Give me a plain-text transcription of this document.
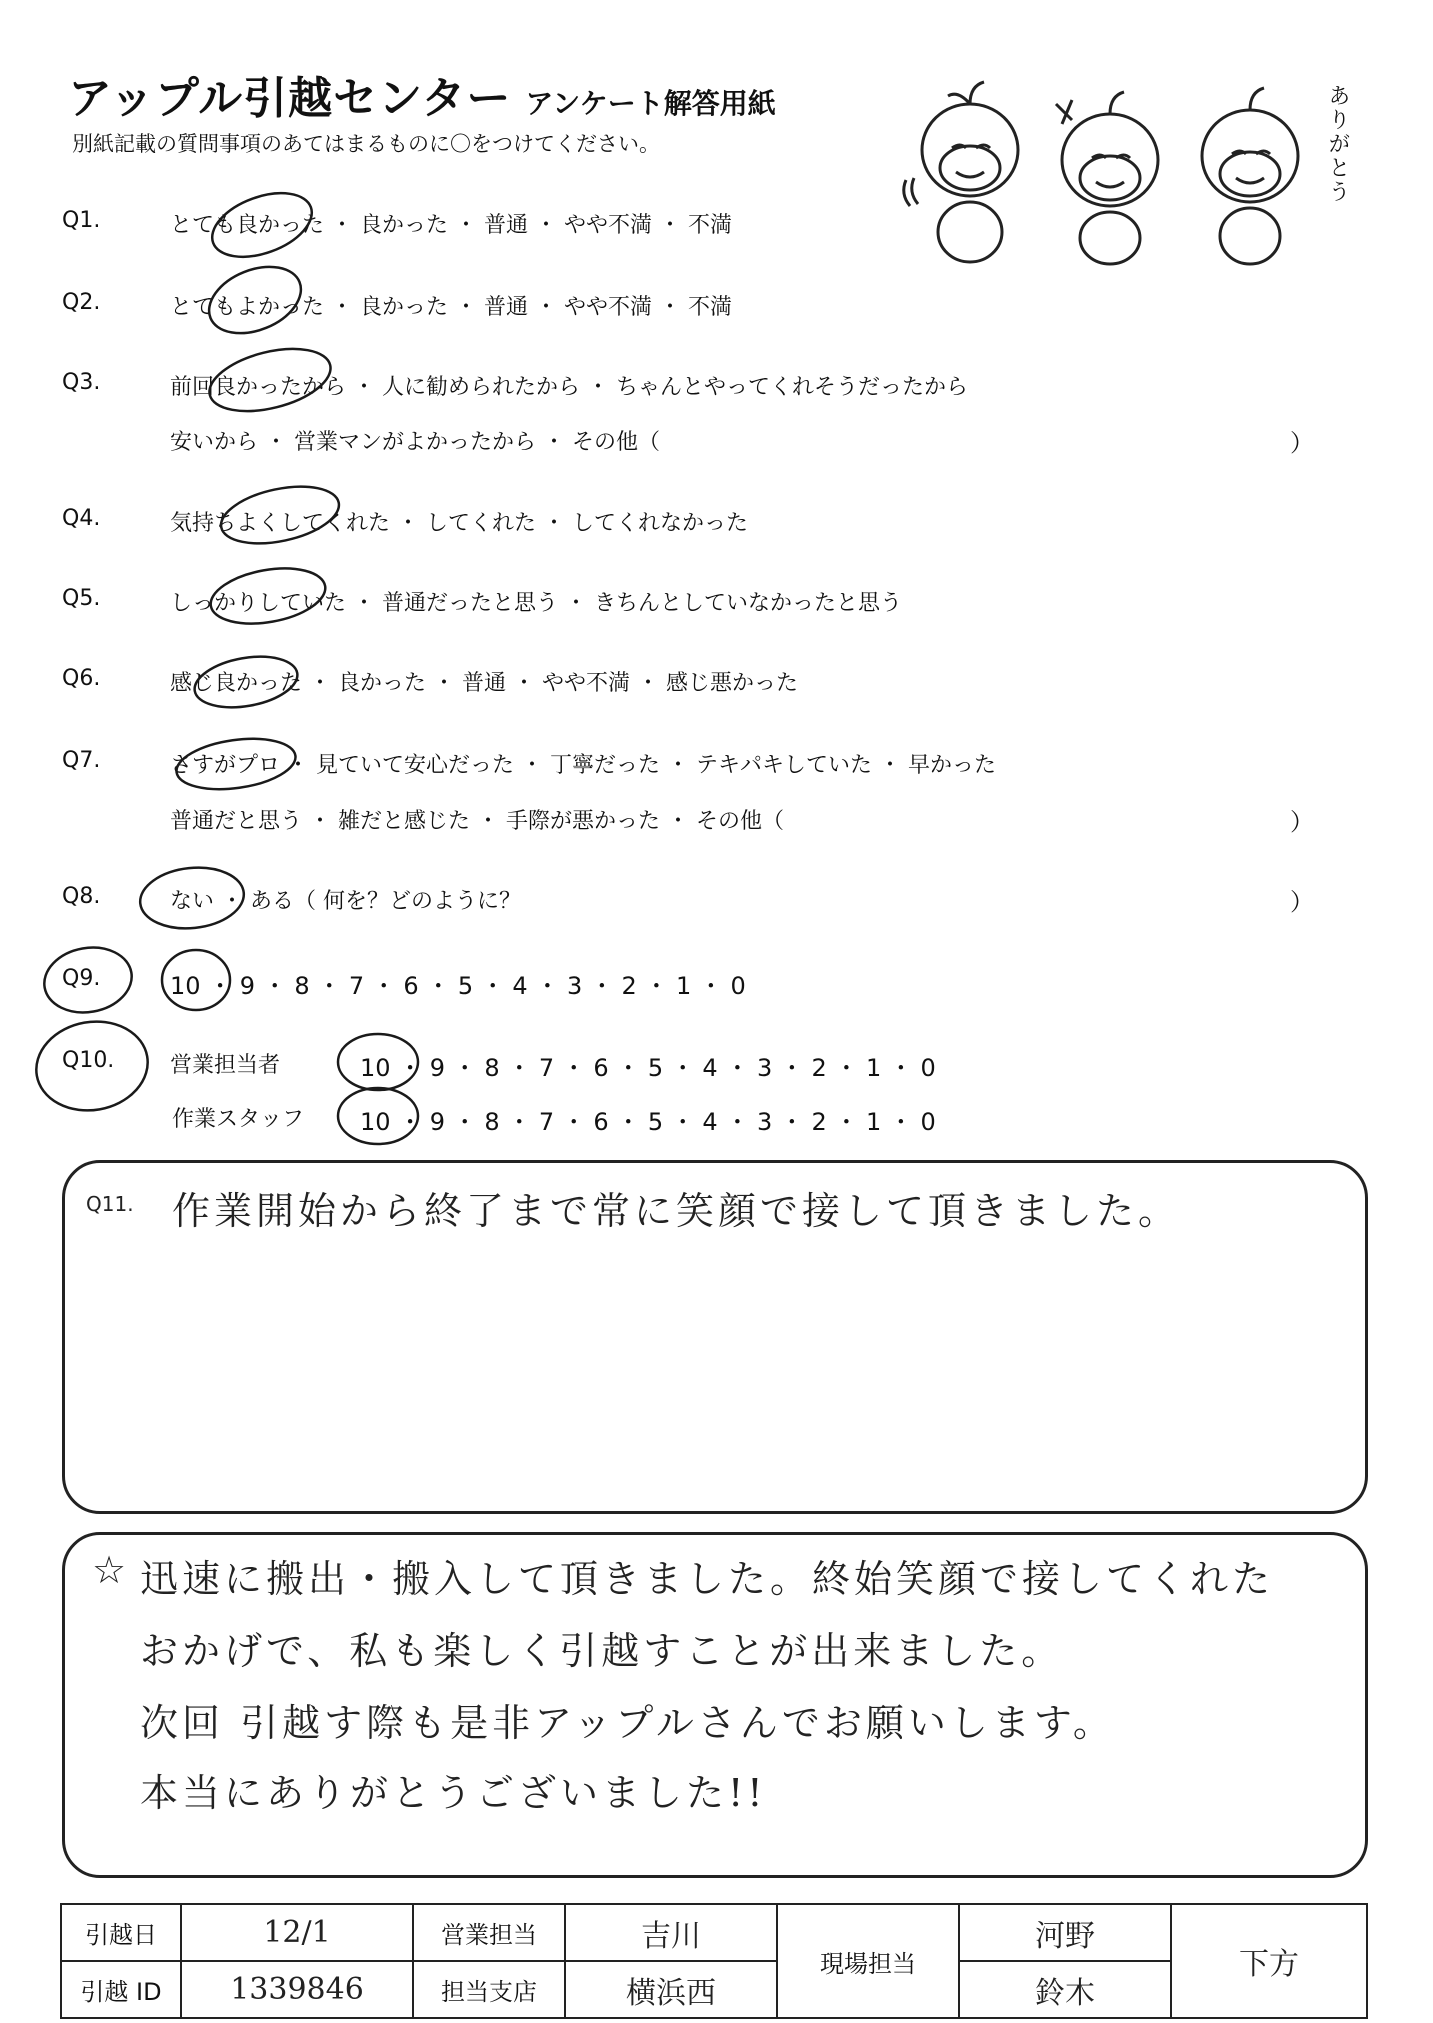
アップル引越センター アンケート解答用紙
別紙記載の質問事項のあてはまるものに〇をつけてください。	ありがとう
Q1.	とても良かった ・ 良かった ・ 普通 ・ やや不満 ・ 不満
Q2.	とてもよかった ・ 良かった ・ 普通 ・ やや不満 ・ 不満
Q3.	前回良かったから ・ 人に勧められたから ・ ちゃんとやってくれそうだったから
安いから ・ 営業マンがよかったから ・ その他（	）
Q4.	気持ちよくしてくれた ・ してくれた ・ してくれなかった
Q5.	しっかりしていた ・ 普通だったと思う ・ きちんとしていなかったと思う
Q6.	感じ良かった ・ 良かった ・ 普通 ・ やや不満 ・ 感じ悪かった
Q7.	さすがプロ ・ 見ていて安心だった ・ 丁寧だった ・ テキパキしていた ・ 早かった
普通だと思う ・ 雑だと感じた ・ 手際が悪かった ・ その他（	）
Q8.	ない ・ ある（ 何を？どのように？	）
Q9.	10 ・ 9 ・ 8 ・ 7 ・ 6 ・ 5 ・ 4 ・ 3 ・ 2 ・ 1 ・ 0
Q10.	営業担当者	10 ・ 9 ・ 8 ・ 7 ・ 6 ・ 5 ・ 4 ・ 3 ・ 2 ・ 1 ・ 0
作業スタッフ 10 ・ 9 ・ 8 ・ 7 ・ 6 ・ 5 ・ 4 ・ 3 ・ 2 ・ 1 ・ 0
Q11. 作業開始から終了まで常に笑顔で接して頂きました。
☆ 迅速に搬出・搬入して頂きました。終始笑顔で接してくれた
おかげで、私も楽しく引越すことが出来ました。
次回 引越す際も是非アップルさんでお願いします。
本当にありがとうございました!!
引越日	12/1	営業担当	吉川	現場担当	河野	下方
引越 ID	1339846	担当支店	横浜西		鈴木	
